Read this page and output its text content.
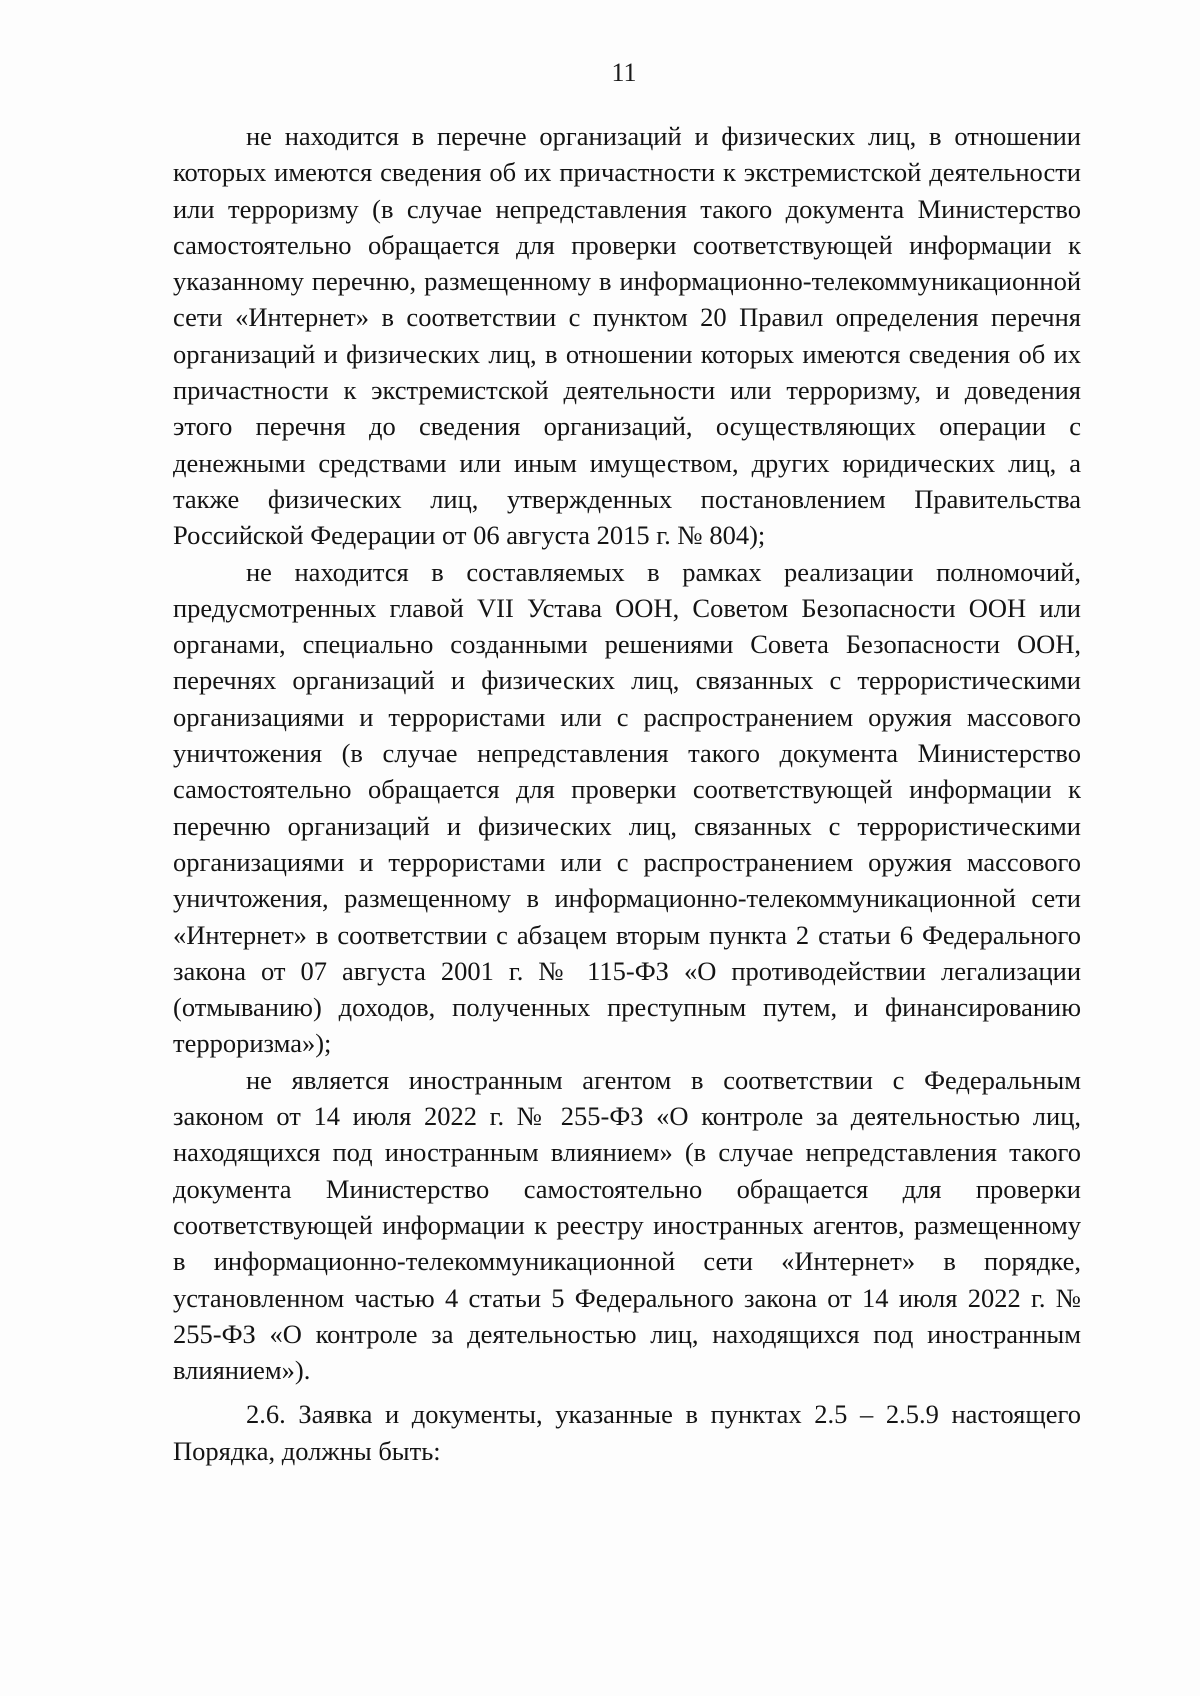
11

не находится в перечне организаций и физических лиц, в отношении которых имеются сведения об их причастности к экстремистской деятельности или терроризму (в случае непредставления такого документа Министерство самостоятельно обращается для проверки соответствующей информации к указанному перечню, размещенному в информационно-телекоммуникационной сети «Интернет» в соответствии с пунктом 20 Правил определения перечня организаций и физических лиц, в отношении которых имеются сведения об их причастности к экстремистской деятельности или терроризму, и доведения этого перечня до сведения организаций, осуществляющих операции с денежными средствами или иным имуществом, других юридических лиц, а также физических лиц, утвержденных постановлением Правительства Российской Федерации от 06 августа 2015 г. № 804);

не находится в составляемых в рамках реализации полномочий, предусмотренных главой VII Устава ООН, Советом Безопасности ООН или органами, специально созданными решениями Совета Безопасности ООН, перечнях организаций и физических лиц, связанных с террористическими организациями и террористами или с распространением оружия массового уничтожения (в случае непредставления такого документа Министерство самостоятельно обращается для проверки соответствующей информации к перечню организаций и физических лиц, связанных с террористическими организациями и террористами или с распространением оружия массового уничтожения, размещенному в информационно-телекоммуникационной сети «Интернет» в соответствии с абзацем вторым пункта 2 статьи 6 Федерального закона от 07 августа 2001 г. № 115-ФЗ «О противодействии легализации (отмыванию) доходов, полученных преступным путем, и финансированию терроризма»);

не является иностранным агентом в соответствии с Федеральным законом от 14 июля 2022 г. № 255-ФЗ «О контроле за деятельностью лиц, находящихся под иностранным влиянием» (в случае непредставления такого документа Министерство самостоятельно обращается для проверки соответствующей информации к реестру иностранных агентов, размещенному в информационно-телекоммуникационной сети «Интернет» в порядке, установленном частью 4 статьи 5 Федерального закона от 14 июля 2022 г. № 255-ФЗ «О контроле за деятельностью лиц, находящихся под иностранным влиянием»).

2.6. Заявка и документы, указанные в пунктах 2.5 – 2.5.9 настоящего Порядка, должны быть:
